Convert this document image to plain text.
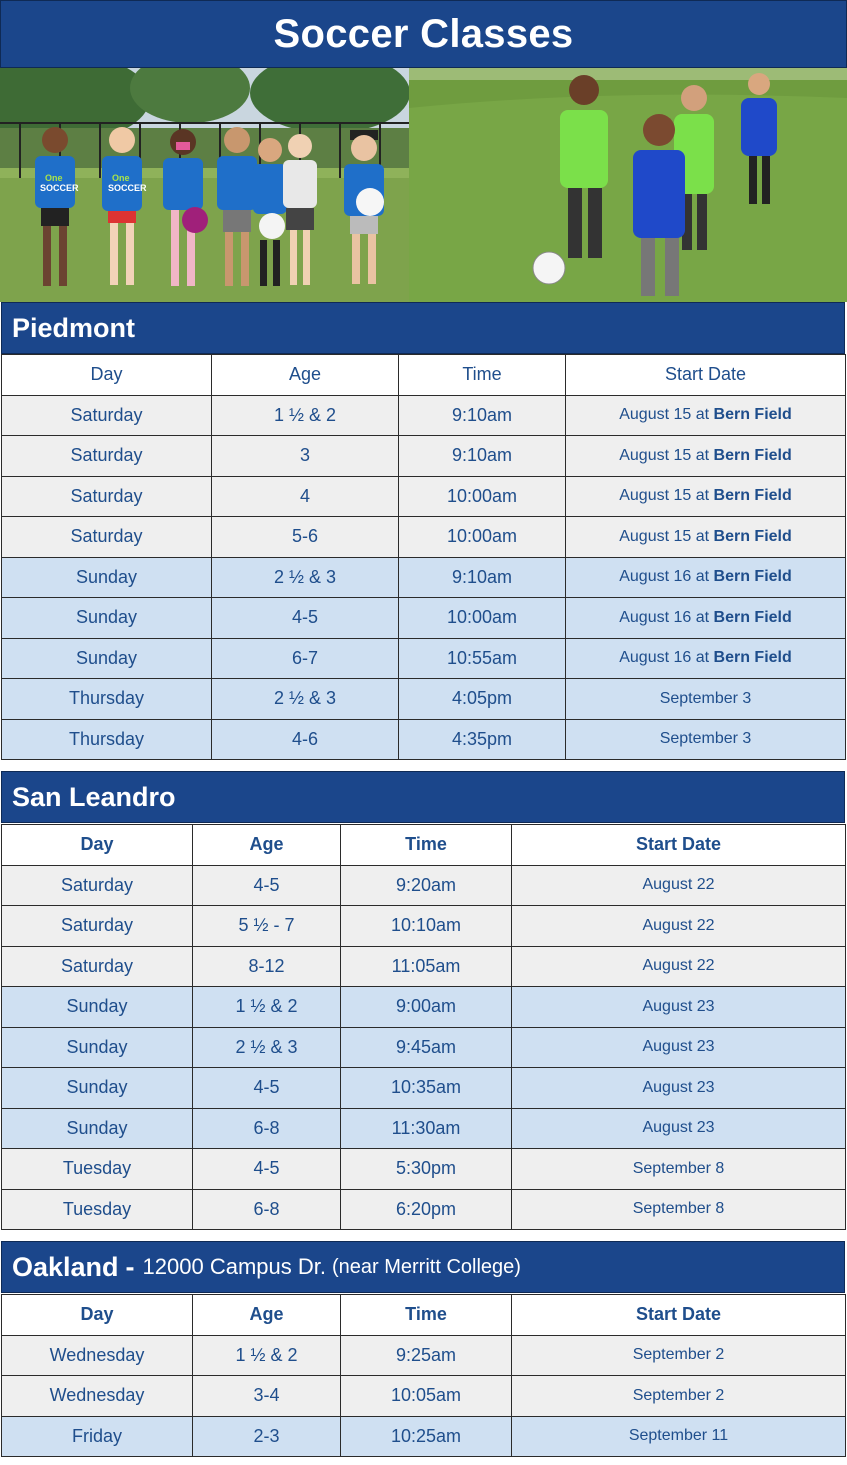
Soccer Classes
One
SOCCER
One
SOCCER
Piedmont
Day	Age	Time	Start Date
Saturday	1 ½ & 2	9:10am	August 15 at Bern Field
Saturday	3	9:10am	August 15 at Bern Field
Saturday	4	10:00am	August 15 at Bern Field
Saturday	5-6	10:00am	August 15 at Bern Field
Sunday	2 ½ & 3	9:10am	August 16 at Bern Field
Sunday	4-5	10:00am	August 16 at Bern Field
Sunday	6-7	10:55am	August 16 at Bern Field
Thursday	2 ½ & 3	4:05pm	September 3
Thursday	4-6	4:35pm	September 3
San Leandro
Day	Age	Time	Start Date
Saturday	4-5	9:20am	August 22
Saturday	5 ½ - 7	10:10am	August 22
Saturday	8-12	11:05am	August 22
Sunday	1 ½ & 2	9:00am	August 23
Sunday	2 ½ & 3	9:45am	August 23
Sunday	4-5	10:35am	August 23
Sunday	6-8	11:30am	August 23
Tuesday	4-5	5:30pm	September 8
Tuesday	6-8	6:20pm	September 8
Oakland - 12000 Campus Dr. (near Merritt College)
Day	Age	Time	Start Date
Wednesday	1 ½ & 2	9:25am	September 2
Wednesday	3-4	10:05am	September 2
Friday	2-3	10:25am	September 11
